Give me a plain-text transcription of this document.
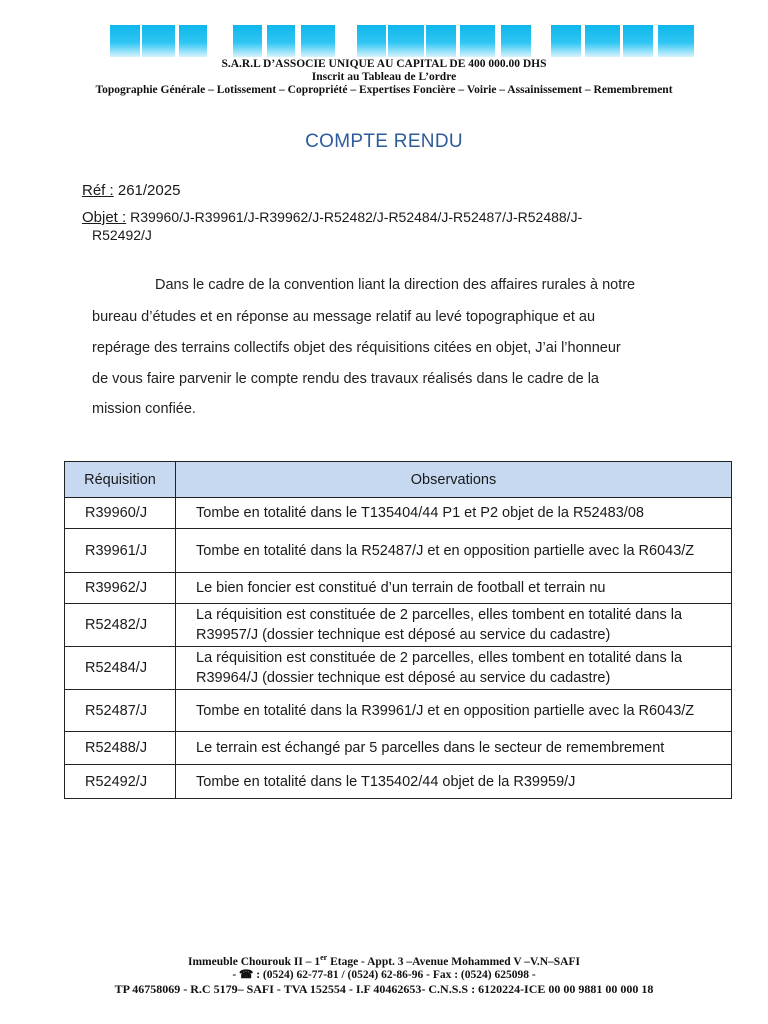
S.A.R.L D’ASSOCIE UNIQUE AU CAPITAL DE 400 000.00 DHS
Inscrit au Tableau de L’ordre
Topographie Générale – Lotissement – Copropriété – Expertises Foncière – Voirie – Assainissement – Remembrement
COMPTE RENDU
Réf : 261/2025
Objet : R39960/J-R39961/J-R39962/J-R52482/J-R52484/J-R52487/J-R52488/J-
R52492/J
Dans le cadre de la convention liant la direction des affaires rurales à notre
bureau d’études et en réponse au message relatif au levé topographique et au
repérage des terrains collectifs objet des réquisitions citées en objet, J’ai l’honneur
de vous faire parvenir le compte rendu des travaux réalisés dans le cadre de la
mission confiée.
Réquisition	Observations
R39960/J	Tombe en totalité dans le T135404/44 P1 et P2 objet de la R52483/08
R39961/J	Tombe en totalité dans la R52487/J et en opposition partielle avec la R6043/Z
R39962/J	Le bien foncier est constitué d’un terrain de football et terrain nu
R52482/J	La réquisition est constituée de 2 parcelles, elles tombent en totalité dans la R39957/J (dossier technique est déposé au service du cadastre)
R52484/J	La réquisition est constituée de 2 parcelles, elles tombent en totalité dans la R39964/J (dossier technique est déposé au service du cadastre)
R52487/J	Tombe en totalité dans la R39961/J et en opposition partielle avec la R6043/Z
R52488/J	Le terrain est échangé par 5 parcelles dans le secteur de remembrement
R52492/J	Tombe en totalité dans le T135402/44 objet de la R39959/J
Immeuble Chourouk II – 1er Etage - Appt. 3 –Avenue Mohammed V –V.N–SAFI
- ☎ : (0524) 62-77-81 / (0524) 62-86-96 - Fax : (0524) 625098 -
TP 46758069 - R.C 5179– SAFI - TVA 152554 - I.F 40462653- C.N.S.S : 6120224-ICE 00 00 9881 00 000 18
